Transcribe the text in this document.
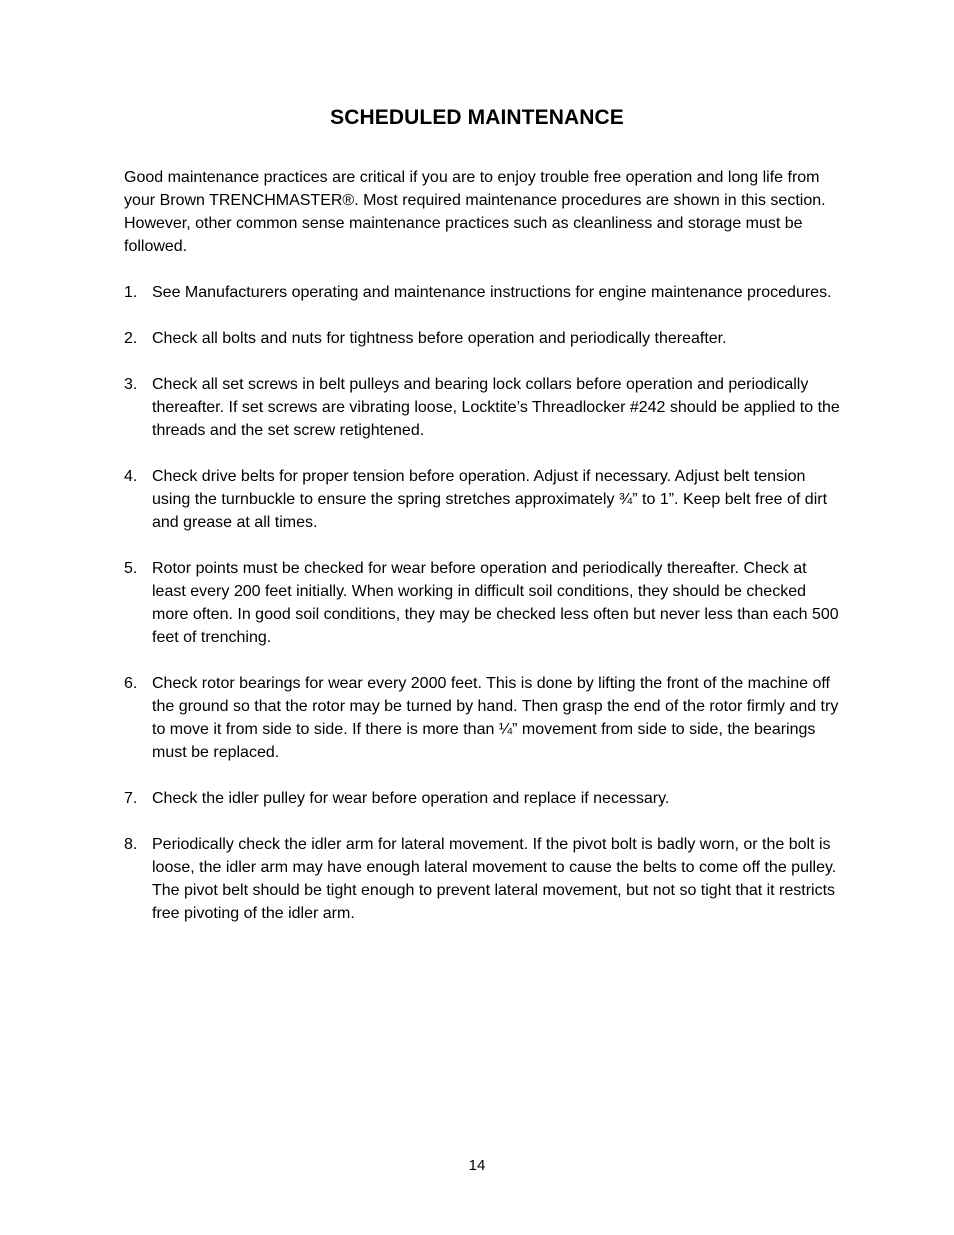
SCHEDULED MAINTENANCE
Good maintenance practices are critical if you are to enjoy trouble free operation and long life from your Brown TRENCHMASTER®. Most required maintenance procedures are shown in this section. However, other common sense maintenance practices such as cleanliness and storage must be followed.
1. See Manufacturers operating and maintenance instructions for engine maintenance procedures.
2. Check all bolts and nuts for tightness before operation and periodically thereafter.
3. Check all set screws in belt pulleys and bearing lock collars before operation and periodically thereafter. If set screws are vibrating loose, Locktite’s Threadlocker #242 should be applied to the threads and the set screw retightened.
4. Check drive belts for proper tension before operation. Adjust if necessary. Adjust belt tension using the turnbuckle to ensure the spring stretches approximately ¾” to 1”. Keep belt free of dirt and grease at all times.
5. Rotor points must be checked for wear before operation and periodically thereafter. Check at least every 200 feet initially. When working in difficult soil conditions, they should be checked more often. In good soil conditions, they may be checked less often but never less than each 500 feet of trenching.
6. Check rotor bearings for wear every 2000 feet. This is done by lifting the front of the machine off the ground so that the rotor may be turned by hand. Then grasp the end of the rotor firmly and try to move it from side to side. If there is more than ¼” movement from side to side, the bearings must be replaced.
7. Check the idler pulley for wear before operation and replace if necessary.
8. Periodically check the idler arm for lateral movement. If the pivot bolt is badly worn, or the bolt is loose, the idler arm may have enough lateral movement to cause the belts to come off the pulley. The pivot belt should be tight enough to prevent lateral movement, but not so tight that it restricts free pivoting of the idler arm.
14
